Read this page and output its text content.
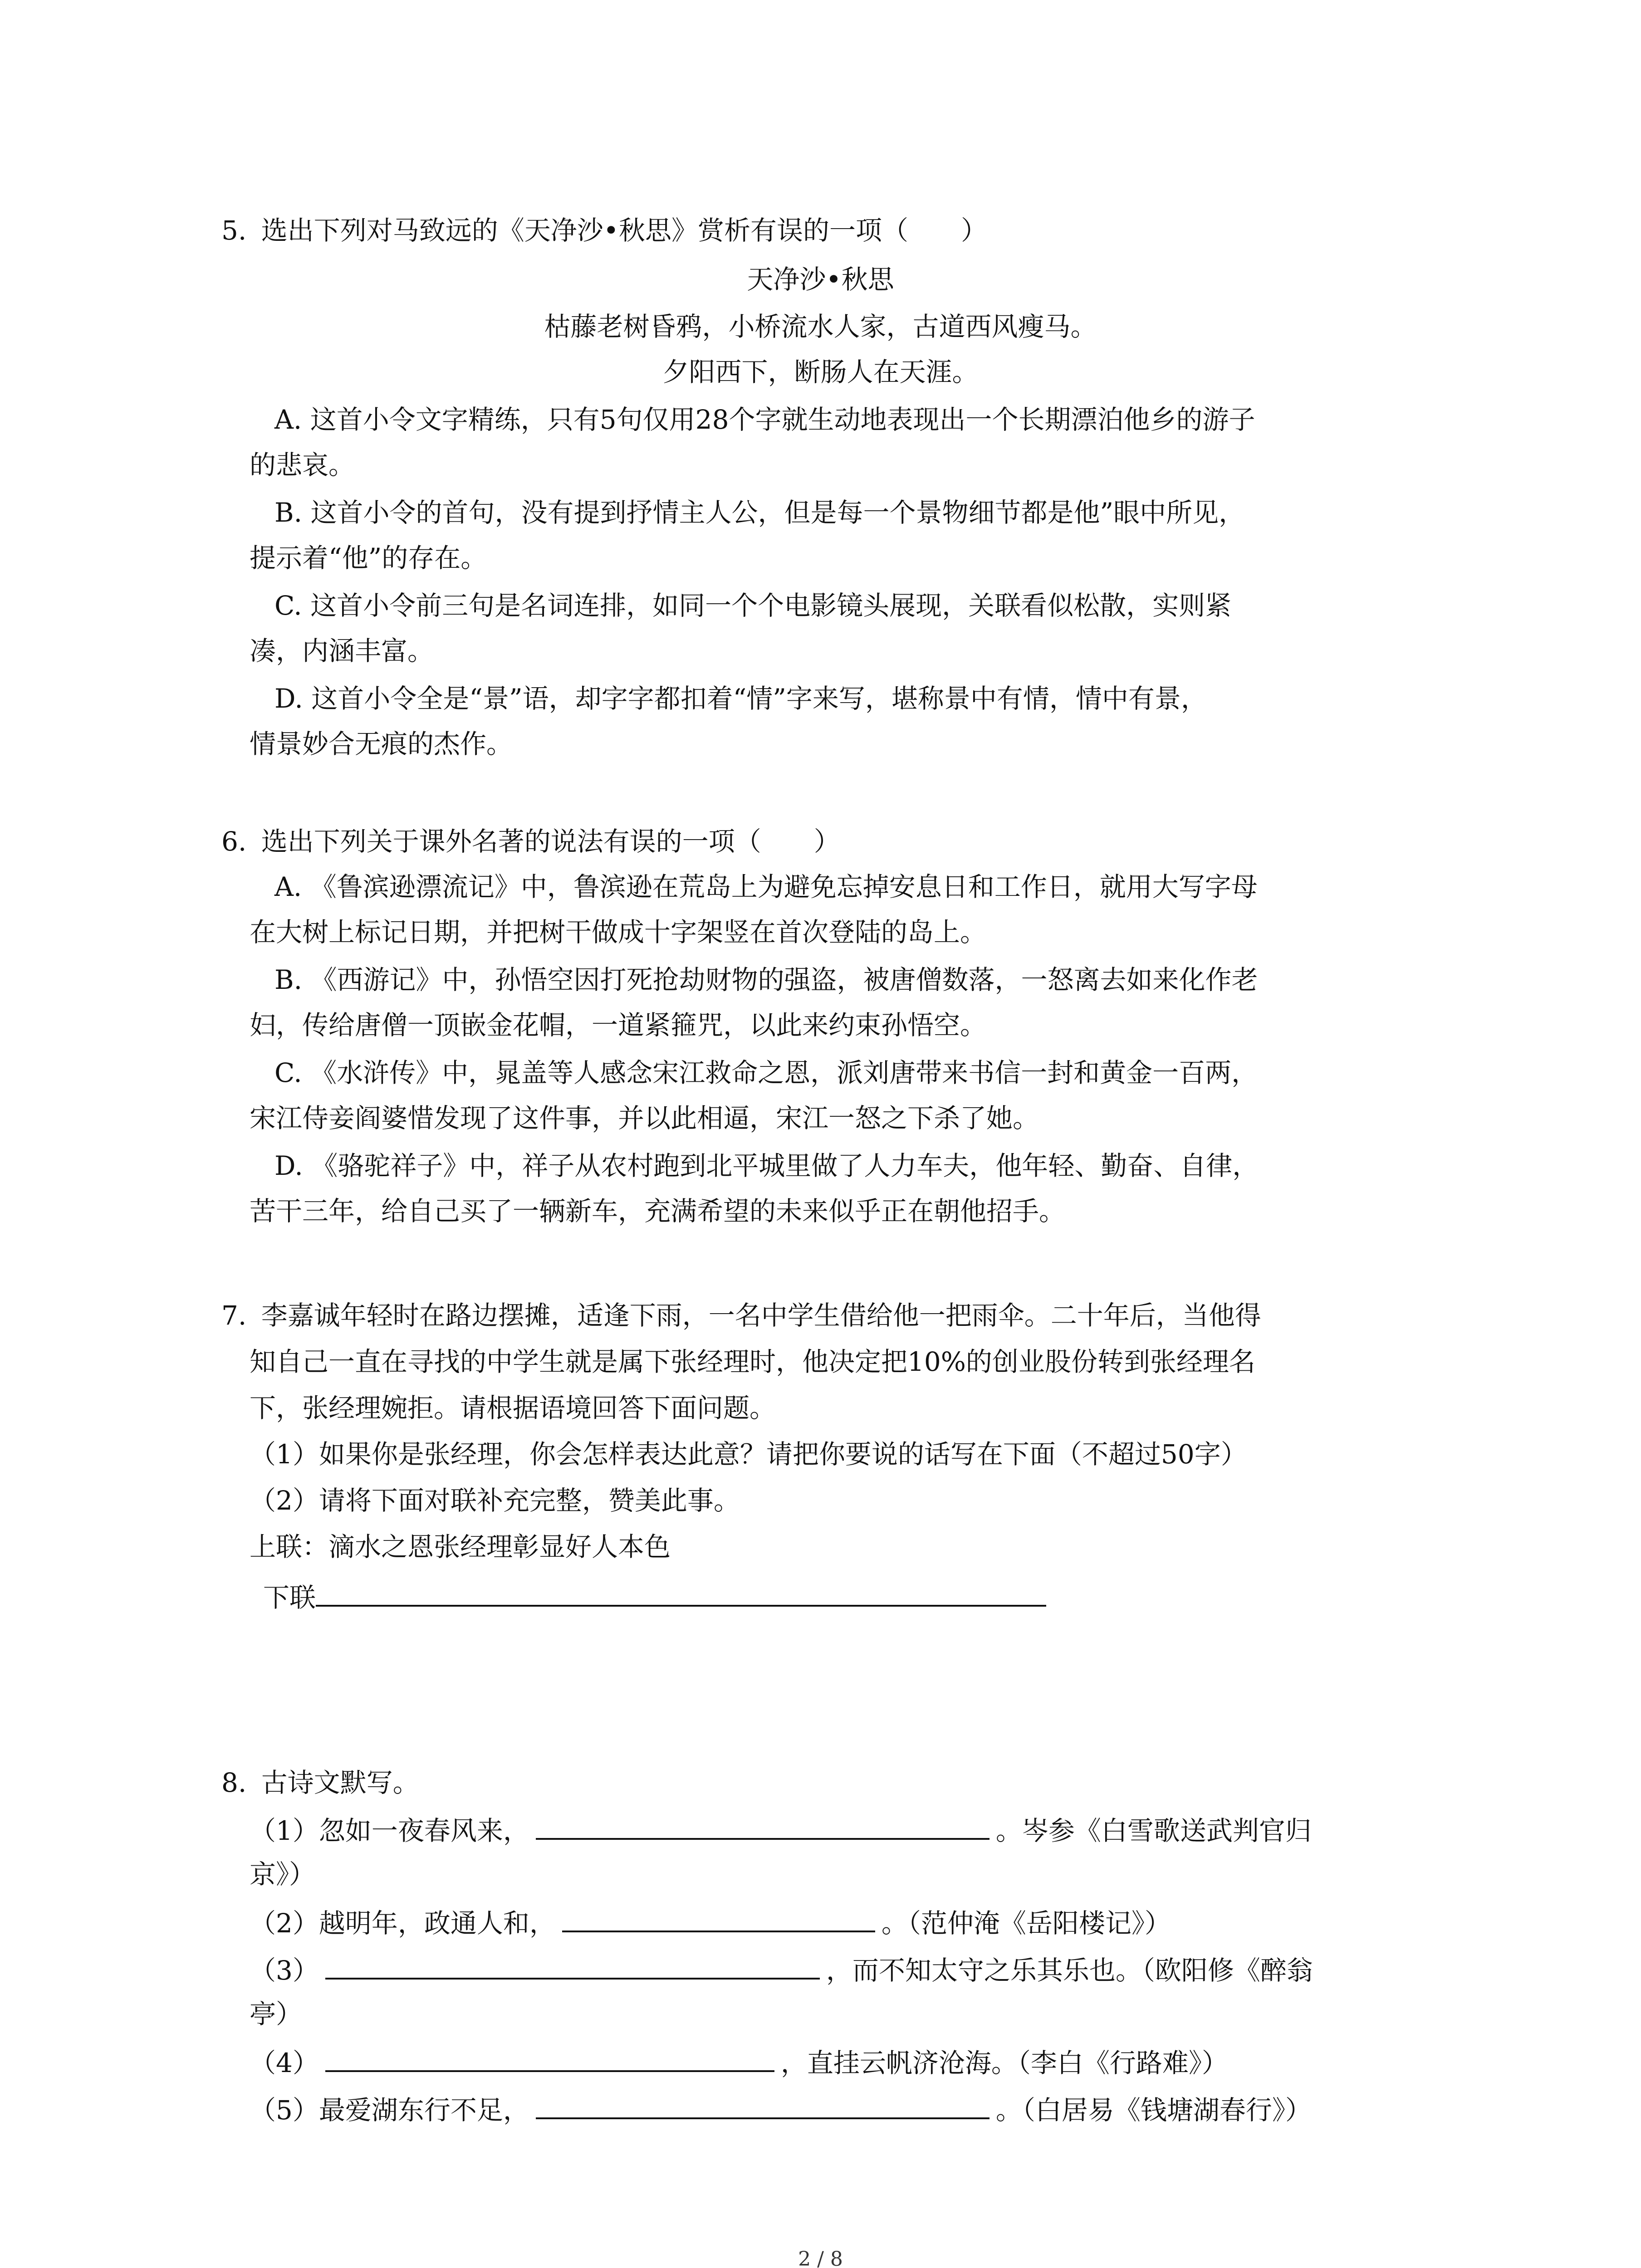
5. 选出下列对马致远的《天净沙•秋思》赏析有误的一项（　　）
天净沙•秋思
枯藤老树昏鸦，小桥流水人家，古道西风瘦马。
夕阳西下，断肠人在天涯。
A. 这首小令文字精练，只有5句仅用28个字就生动地表现出一个长期漂泊他乡的游子
的悲哀。
B. 这首小令的首句，没有提到抒情主人公，但是每一个景物细节都是他”眼中所见，
提示着“他”的存在。
C. 这首小令前三句是名词连排，如同一个个电影镜头展现，关联看似松散，实则紧
凑，内涵丰富。
D. 这首小令全是“景”语，却字字都扣着“情”字来写，堪称景中有情，情中有景，
情景妙合无痕的杰作。
6. 选出下列关于课外名著的说法有误的一项（　　）
A. 《鲁滨逊漂流记》中，鲁滨逊在荒岛上为避免忘掉安息日和工作日，就用大写字母
在大树上标记日期，并把树干做成十字架竖在首次登陆的岛上。
B. 《西游记》中，孙悟空因打死抢劫财物的强盗，被唐僧数落，一怒离去如来化作老
妇，传给唐僧一顶嵌金花帽，一道紧箍咒，以此来约束孙悟空。
C. 《水浒传》中，晁盖等人感念宋江救命之恩，派刘唐带来书信一封和黄金一百两，
宋江侍妾阎婆惜发现了这件事，并以此相逼，宋江一怒之下杀了她。
D. 《骆驼祥子》中，祥子从农村跑到北平城里做了人力车夫，他年轻、勤奋、自律，
苦干三年，给自己买了一辆新车，充满希望的未来似乎正在朝他招手。
7. 李嘉诚年轻时在路边摆摊，适逢下雨，一名中学生借给他一把雨伞。二十年后，当他得
知自己一直在寻找的中学生就是属下张经理时，他决定把10%的创业股份转到张经理名
下，张经理婉拒。请根据语境回答下面问题。
（1）如果你是张经理，你会怎样表达此意？请把你要说的话写在下面（不超过50字）
（2）请将下面对联补充完整，赞美此事。
上联：滴水之恩张经理彰显好人本色
下联
8. 古诗文默写。
（1）忽如一夜春风来，	。岑参《白雪歌送武判官归
京》）
（2）越明年，政通人和，	。（范仲淹《岳阳楼记》）
（3）	，而不知太守之乐其乐也。（欧阳修《醉翁
亭）
（4）	，直挂云帆济沧海。（李白《行路难》）
（5）最爱湖东行不足，	。（白居易《钱塘湖春行》）
2 / 8
